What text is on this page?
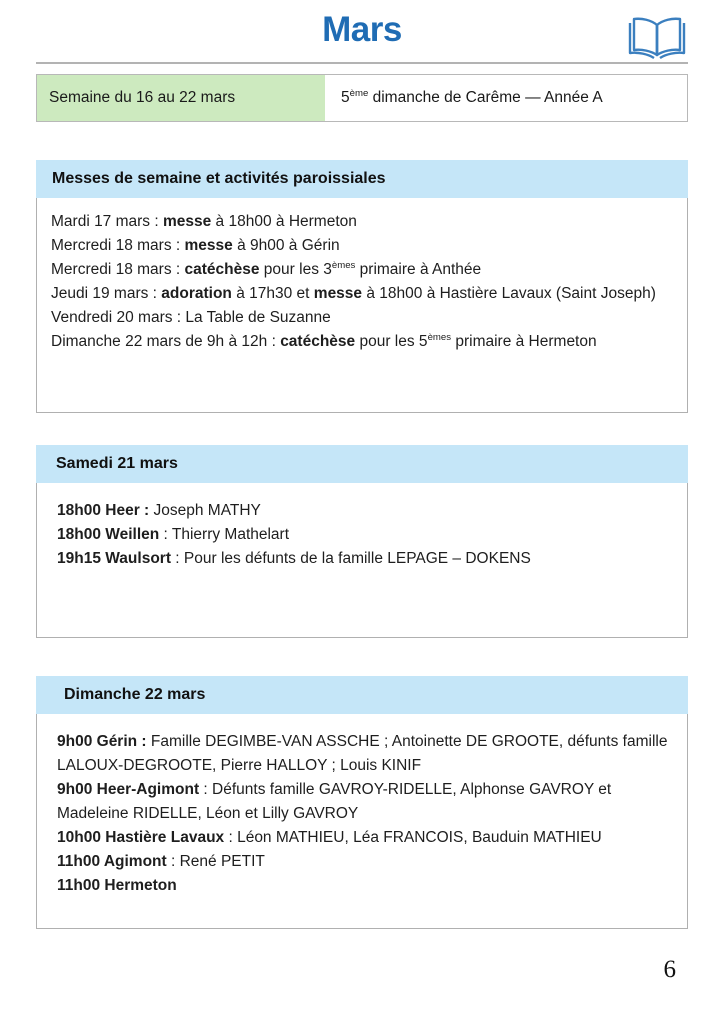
Mars
Semaine du 16 au 22 mars	5ème dimanche de Carême — Année A
Messes de semaine et activités paroissiales
Mardi 17 mars : messe à 18h00 à Hermeton
Mercredi 18 mars : messe à 9h00 à Gérin
Mercredi 18 mars : catéchèse pour les 3èmes primaire à Anthée
Jeudi 19 mars : adoration à 17h30 et messe à 18h00 à Hastière Lavaux (Saint Joseph)
Vendredi 20 mars : La Table de Suzanne
Dimanche 22 mars de 9h à 12h : catéchèse pour les 5èmes primaire à Hermeton
Samedi 21 mars
18h00 Heer : Joseph MATHY
18h00 Weillen : Thierry Mathelart
19h15 Waulsort : Pour les défunts de la famille LEPAGE – DOKENS
Dimanche 22 mars
9h00 Gérin : Famille DEGIMBE-VAN ASSCHE ; Antoinette DE GROOTE, défunts famille LALOUX-DEGROOTE, Pierre HALLOY ; Louis KINIF
9h00 Heer-Agimont : Défunts famille GAVROY-RIDELLE, Alphonse GAVROY et Madeleine RIDELLE, Léon et Lilly GAVROY
10h00 Hastière Lavaux : Léon MATHIEU, Léa FRANCOIS, Bauduin MATHIEU
11h00 Agimont : René PETIT
11h00 Hermeton
6
